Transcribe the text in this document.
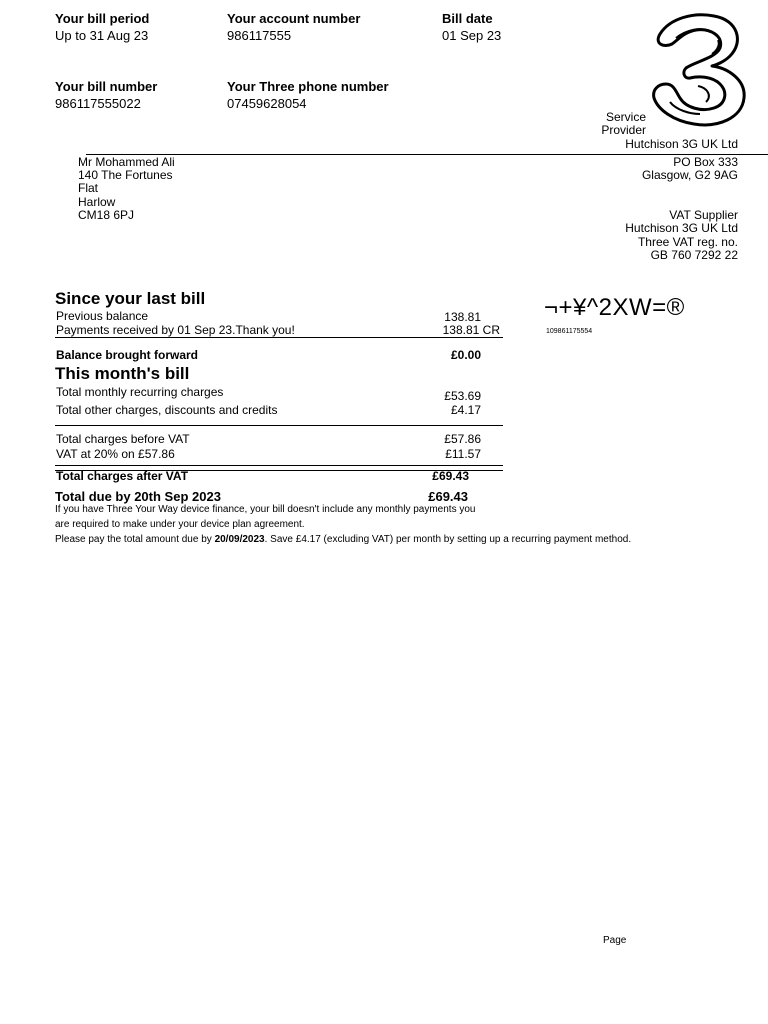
Your bill period
Up to 31 Aug 23
Your account number
986117555
Bill date
01 Sep 23
Your bill number
986117555022
Your Three phone number
07459628054
Service
Provider
Hutchison 3G UK Ltd
PO Box 333
Glasgow, G2 9AG
VAT Supplier
Hutchison 3G UK Ltd
Three VAT reg. no.
GB 760 7292 22
Mr Mohammed Ali
140 The Fortunes
Flat
Harlow
CM18 6PJ
¬+¥^2XW=®
109861175554
Since your last bill
Previous balance	138.81
Payments received by 01 Sep 23.Thank you!	138.81 CR
Balance brought forward	£0.00
This month's bill
Total monthly recurring charges	£53.69
Total other charges, discounts and credits	£4.17
Total charges before VAT	£57.86
VAT at 20% on £57.86	£11.57
Total charges after VAT	£69.43
Total due by 20th Sep 2023	£69.43
If you have Three Your Way device finance, your bill doesn't include any monthly payments you
are required to make under your device plan agreement.
Please pay the total amount due by 20/09/2023. Save £4.17 (excluding VAT) per month by setting up a recurring payment method.
Page
